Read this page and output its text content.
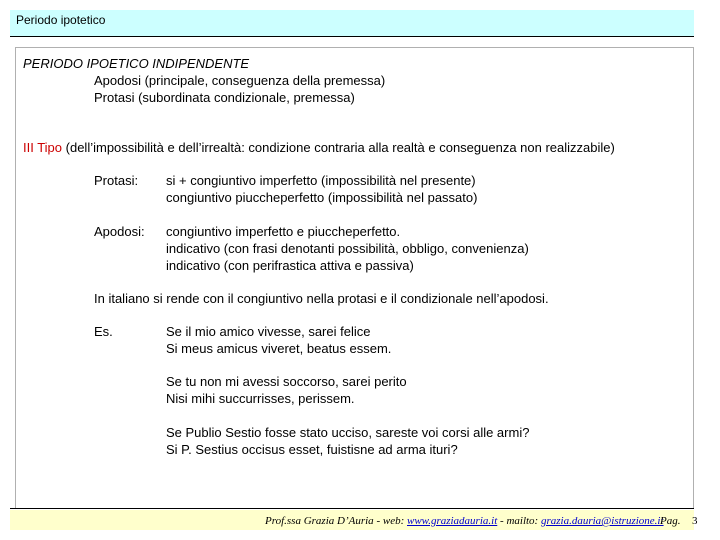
Periodo ipotetico
PERIODO IPOETICO INDIPENDENTE
Apodosi (principale, conseguenza della premessa)
Protasi (subordinata condizionale, premessa)
III Tipo (dell’impossibilità e dell’irrealtà: condizione contraria alla realtà e conseguenza non realizzabile)
Protasi: si + congiuntivo imperfetto (impossibilità nel presente)
congiuntivo piuccheperfetto (impossibilità nel passato)
Apodosi: congiuntivo imperfetto e piuccheperfetto.
indicativo (con frasi denotanti possibilità, obbligo, convenienza)
indicativo (con perifrastica attiva e passiva)
In italiano si rende con il congiuntivo nella protasi e il condizionale nell’apodosi.
Es.	Se il mio amico vivesse, sarei felice
Si meus amicus viveret, beatus essem.
Se tu non mi avessi soccorso, sarei perito
Nisi mihi succurrisses, perissem.
Se Publio Sestio fosse stato ucciso, sareste voi corsi alle armi?
Si P. Sestius occisus esset, fuistisne ad arma ituri?
Prof.ssa Grazia D’Auria - web: www.graziadauria.it - mailto: grazia.dauria@istruzione.it
Pag. 3
